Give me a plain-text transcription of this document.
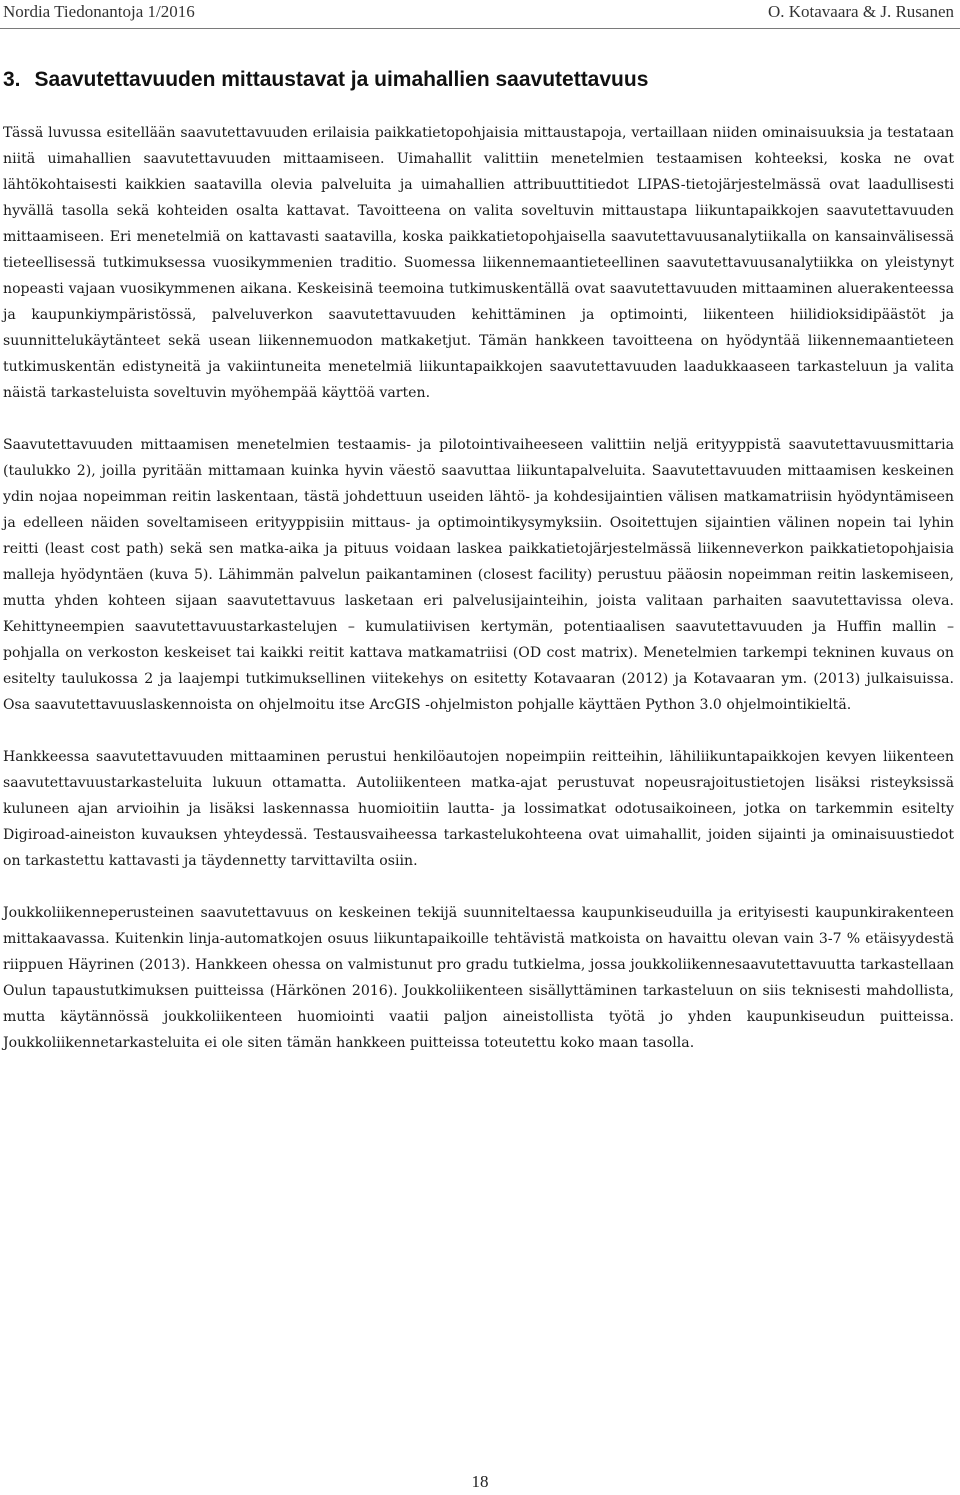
Nordia Tiedonantoja 1/2016	O. Kotavaara & J. Rusanen
3. Saavutettavuuden mittaustavat ja uimahallien saavutettavuus

Tässä luvussa esitellään saavutettavuuden erilaisia paikkatietopohjaisia mittaustapoja, vertaillaan niiden ominaisuuksia ja testataan niitä uimahallien saavutettavuuden mittaamiseen. Uimahallit valittiin menetelmien testaamisen kohteeksi, koska ne ovat lähtökohtaisesti kaikkien saatavilla olevia palveluita ja uimahallien attribuuttitiedot LIPAS-tietojärjestelmässä ovat laadullisesti hyvällä tasolla sekä kohteiden osalta kattavat. Tavoitteena on valita soveltuvin mittaustapa liikuntapaikkojen saavutettavuuden mittaamiseen. Eri menetelmiä on kattavasti saatavilla, koska paikkatietopohjaisella saavutettavuusanalytiikalla on kansainvälisessä tieteellisessä tutkimuksessa vuosikymmenien traditio. Suomessa liikennemaantieteellinen saavutettavuusanalytiikka on yleistynyt nopeasti vajaan vuosikymmenen aikana. Keskeisinä teemoina tutkimuskentällä ovat saavutettavuuden mittaaminen aluerakenteessa ja kaupunkiympäristössä, palveluverkon saavutettavuuden kehittäminen ja optimointi, liikenteen hiilidioksidipäästöt ja suunnittelukäytänteet sekä usean liikennemuodon matkaketjut. Tämän hankkeen tavoitteena on hyödyntää liikennemaantieteen tutkimuskentän edistyneitä ja vakiintuneita menetelmiä liikuntapaikkojen saavutettavuuden laadukkaaseen tarkasteluun ja valita näistä tarkasteluista soveltuvin myöhempää käyttöä varten.

Saavutettavuuden mittaamisen menetelmien testaamis- ja pilotointivaiheeseen valittiin neljä erityyppistä saavutettavuusmittaria (taulukko 2), joilla pyritään mittamaan kuinka hyvin väestö saavuttaa liikuntapalveluita. Saavutettavuuden mittaamisen keskeinen ydin nojaa nopeimman reitin laskentaan, tästä johdettuun useiden lähtö- ja kohdesijaintien välisen matkamatriisin hyödyntämiseen ja edelleen näiden soveltamiseen erityyppisiin mittaus- ja optimointikysymyksiin. Osoitettujen sijaintien välinen nopein tai lyhin reitti (least cost path) sekä sen matka-aika ja pituus voidaan laskea paikkatietojärjestelmässä liikenneverkon paikkatietopohjaisia malleja hyödyntäen (kuva 5). Lähimmän palvelun paikantaminen (closest facility) perustuu pääosin nopeimman reitin laskemiseen, mutta yhden kohteen sijaan saavutettavuus lasketaan eri palvelusijainteihin, joista valitaan parhaiten saavutettavissa oleva. Kehittyneempien saavutettavuustarkastelujen – kumulatiivisen kertymän, potentiaalisen saavutettavuuden ja Huffin mallin – pohjalla on verkoston keskeiset tai kaikki reitit kattava matkamatriisi (OD cost matrix). Menetelmien tarkempi tekninen kuvaus on esitelty taulukossa 2 ja laajempi tutkimuksellinen viitekehys on esitetty Kotavaaran (2012) ja Kotavaaran ym. (2013) julkaisuissa. Osa saavutettavuuslaskennoista on ohjelmoitu itse ArcGIS -ohjelmiston pohjalle käyttäen Python 3.0 ohjelmointikieltä.

Hankkeessa saavutettavuuden mittaaminen perustui henkilöautojen nopeimpiin reitteihin, lähiliikuntapaikkojen kevyen liikenteen saavutettavuustarkasteluita lukuun ottamatta. Autoliikenteen matka-ajat perustuvat nopeusrajoitustietojen lisäksi risteyksissä kuluneen ajan arvioihin ja lisäksi laskennassa huomioitiin lautta- ja lossimatkat odotusaikoineen, jotka on tarkemmin esitelty Digiroad-aineiston kuvauksen yhteydessä. Testausvaiheessa tarkastelukohteena ovat uimahallit, joiden sijainti ja ominaisuustiedot on tarkastettu kattavasti ja täydennetty tarvittavilta osiin.

Joukkoliikenneperusteinen saavutettavuus on keskeinen tekijä suunniteltaessa kaupunkiseuduilla ja erityisesti kaupunkirakenteen mittakaavassa. Kuitenkin linja-automatkojen osuus liikuntapaikoille tehtävistä matkoista on havaittu olevan vain 3-7 % etäisyydestä riippuen Häyrinen (2013). Hankkeen ohessa on valmistunut pro gradu tutkielma, jossa joukkoliikennesaavutettavuutta tarkastellaan Oulun tapaustutkimuksen puitteissa (Härkönen 2016). Joukkoliikenteen sisällyttäminen tarkasteluun on siis teknisesti mahdollista, mutta käytännössä joukkoliikenteen huomiointi vaatii paljon aineistollista työtä jo yhden kaupunkiseudun puitteissa. Joukkoliikennetarkasteluita ei ole siten tämän hankkeen puitteissa toteutettu koko maan tasolla.

18
